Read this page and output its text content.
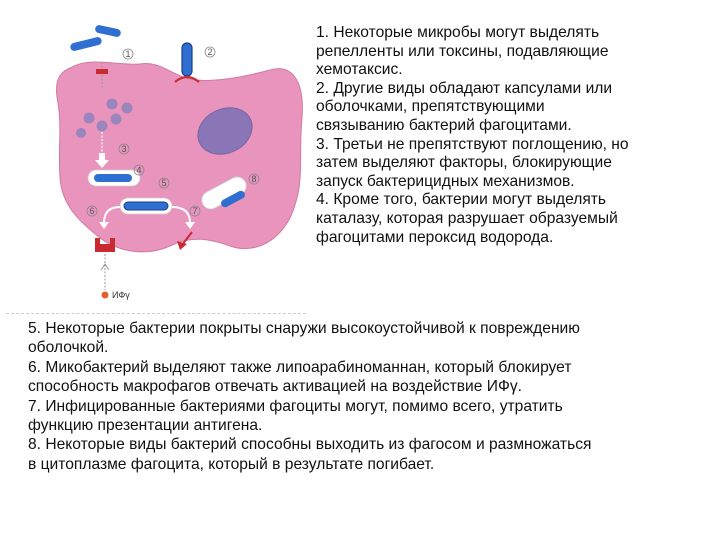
1	2
3
4
5	8
6	7
ИФγ

1. Некоторые микробы могут выделять

репелленты или токсины, подавляющие

хемотаксис.

2. Другие виды обладают капсулами или

оболочками, препятствующими

связыванию бактерий фагоцитами.

3. Третьи не препятствуют поглощению, но

затем выделяют факторы, блокирующие

запуск бактерицидных механизмов.

4. Кроме того, бактерии могут выделять

каталазу, которая разрушает образуемый

фагоцитами пероксид водорода.

5. Некоторые бактерии покрыты снаружи высокоустойчивой к повреждению

оболочкой.

6. Микобактерий выделяют также липоарабиноманнан, который блокирует

способность макрофагов отвечать активацией на воздействие ИФγ.

7. Инфицированные бактериями фагоциты могут, помимо всего, утратить

функцию презентации антигена.

8. Некоторые виды бактерий способны выходить из фагосом и размножаться

в цитоплазме фагоцита, который в результате погибает.
